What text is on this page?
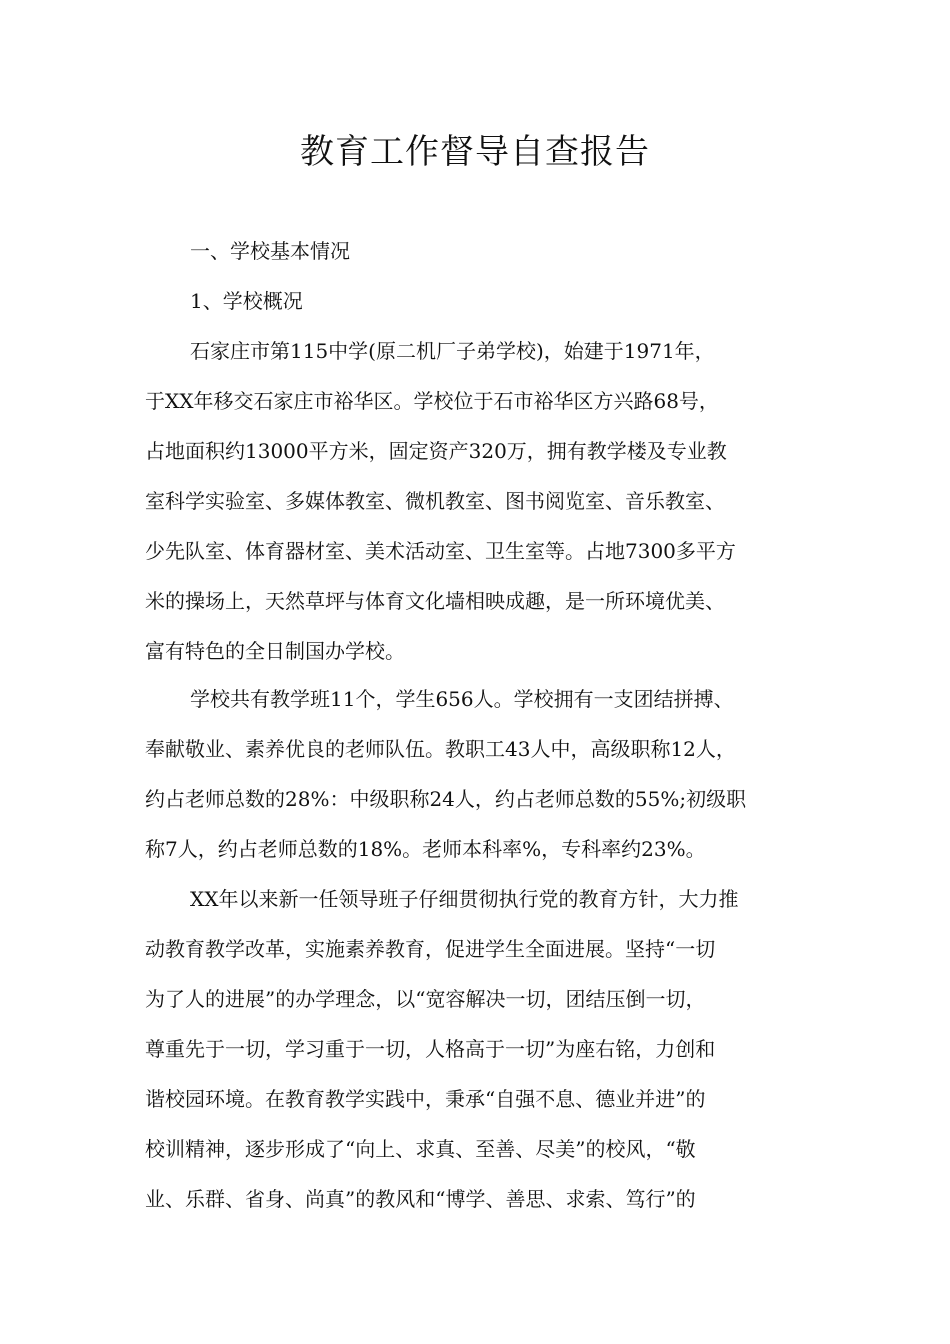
教育工作督导自查报告

一、学校基本情况

1、学校概况

石家庄市第115中学(原二机厂子弟学校)，始建于1971年，
于XX年移交石家庄市裕华区。学校位于石市裕华区方兴路68号，
占地面积约13000平方米，固定资产320万，拥有教学楼及专业教
室科学实验室、多媒体教室、微机教室、图书阅览室、音乐教室、
少先队室、体育器材室、美术活动室、卫生室等。占地7300多平方
米的操场上，天然草坪与体育文化墙相映成趣，是一所环境优美、
富有特色的全日制国办学校。
学校共有教学班11个，学生656人。学校拥有一支团结拼搏、
奉献敬业、素养优良的老师队伍。教职工43人中，高级职称12人，
约占老师总数的28%：中级职称24人，约占老师总数的55%;初级职
称7人，约占老师总数的18%。老师本科率%，专科率约23%。
XX年以来新一任领导班子仔细贯彻执行党的教育方针，大力推
动教育教学改革，实施素养教育，促进学生全面进展。坚持“一切
为了人的进展”的办学理念，以“宽容解决一切，团结压倒一切，
尊重先于一切，学习重于一切，人格高于一切”为座右铭，力创和
谐校园环境。在教育教学实践中，秉承“自强不息、德业并进”的
校训精神，逐步形成了“向上、求真、至善、尽美”的校风，“敬
业、乐群、省身、尚真”的教风和“博学、善思、求索、笃行”的
